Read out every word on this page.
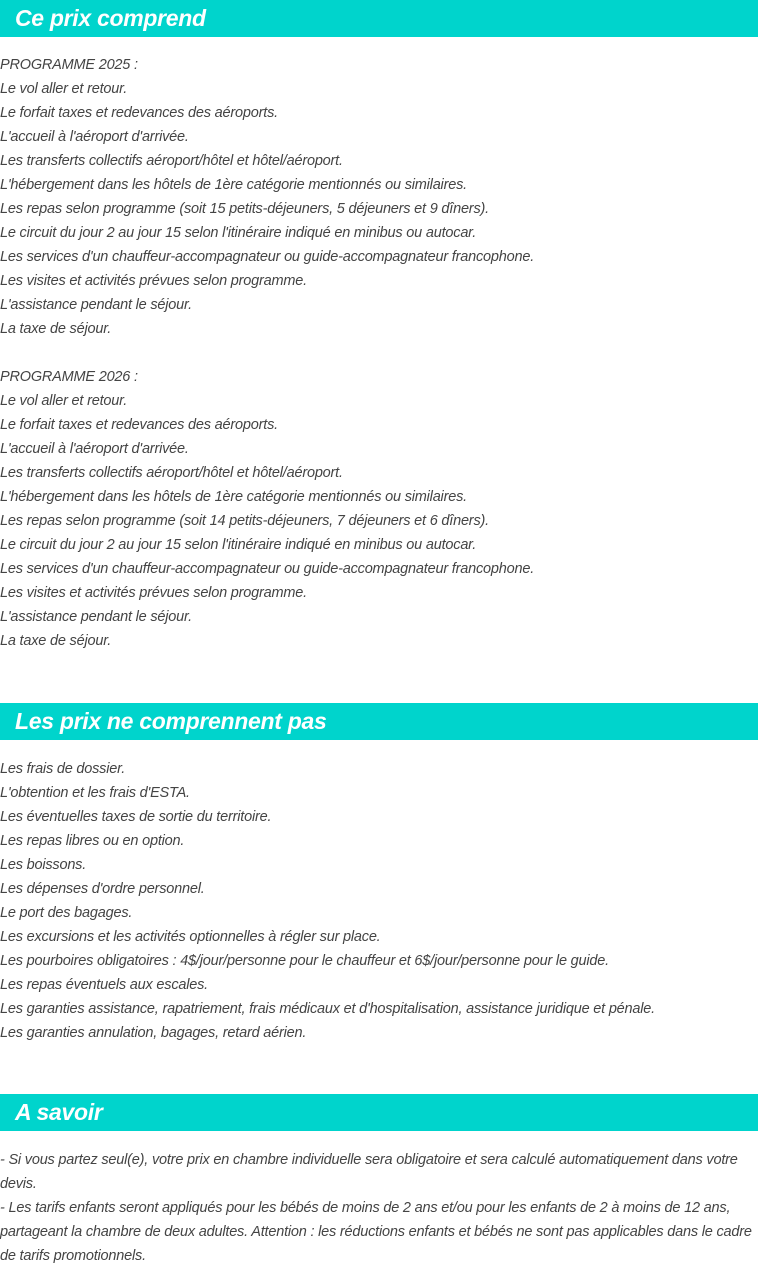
Ce prix comprend
PROGRAMME 2025 :
Le vol aller et retour.
Le forfait taxes et redevances des aéroports.
L'accueil à l'aéroport d'arrivée.
Les transferts collectifs aéroport/hôtel et hôtel/aéroport.
L'hébergement dans les hôtels de 1ère catégorie mentionnés ou similaires.
Les repas selon programme (soit 15 petits-déjeuners, 5 déjeuners et 9 dîners).
Le circuit du jour 2 au jour 15 selon l'itinéraire indiqué en minibus ou autocar.
Les services d'un chauffeur-accompagnateur ou guide-accompagnateur francophone.
Les visites et activités prévues selon programme.
L'assistance pendant le séjour.
La taxe de séjour.
PROGRAMME 2026 :
Le vol aller et retour.
Le forfait taxes et redevances des aéroports.
L'accueil à l'aéroport d'arrivée.
Les transferts collectifs aéroport/hôtel et hôtel/aéroport.
L'hébergement dans les hôtels de 1ère catégorie mentionnés ou similaires.
Les repas selon programme (soit 14 petits-déjeuners, 7 déjeuners et 6 dîners).
Le circuit du jour 2 au jour 15 selon l'itinéraire indiqué en minibus ou autocar.
Les services d'un chauffeur-accompagnateur ou guide-accompagnateur francophone.
Les visites et activités prévues selon programme.
L'assistance pendant le séjour.
La taxe de séjour.
Les prix ne comprennent pas
Les frais de dossier.
L'obtention et les frais d'ESTA.
Les éventuelles taxes de sortie du territoire.
Les repas libres ou en option.
Les boissons.
Les dépenses d'ordre personnel.
Le port des bagages.
Les excursions et les activités optionnelles à régler sur place.
Les pourboires obligatoires : 4$/jour/personne pour le chauffeur et 6$/jour/personne pour le guide.
Les repas éventuels aux escales.
Les garanties assistance, rapatriement, frais médicaux et d'hospitalisation, assistance juridique et pénale.
Les garanties annulation, bagages, retard aérien.
A savoir
- Si vous partez seul(e), votre prix en chambre individuelle sera obligatoire et sera calculé automatiquement dans votre devis.
- Les tarifs enfants seront appliqués pour les bébés de moins de 2 ans et/ou pour les enfants de 2 à moins de 12 ans, partageant la chambre de deux adultes. Attention : les réductions enfants et bébés ne sont pas applicables dans le cadre de tarifs promotionnels.
